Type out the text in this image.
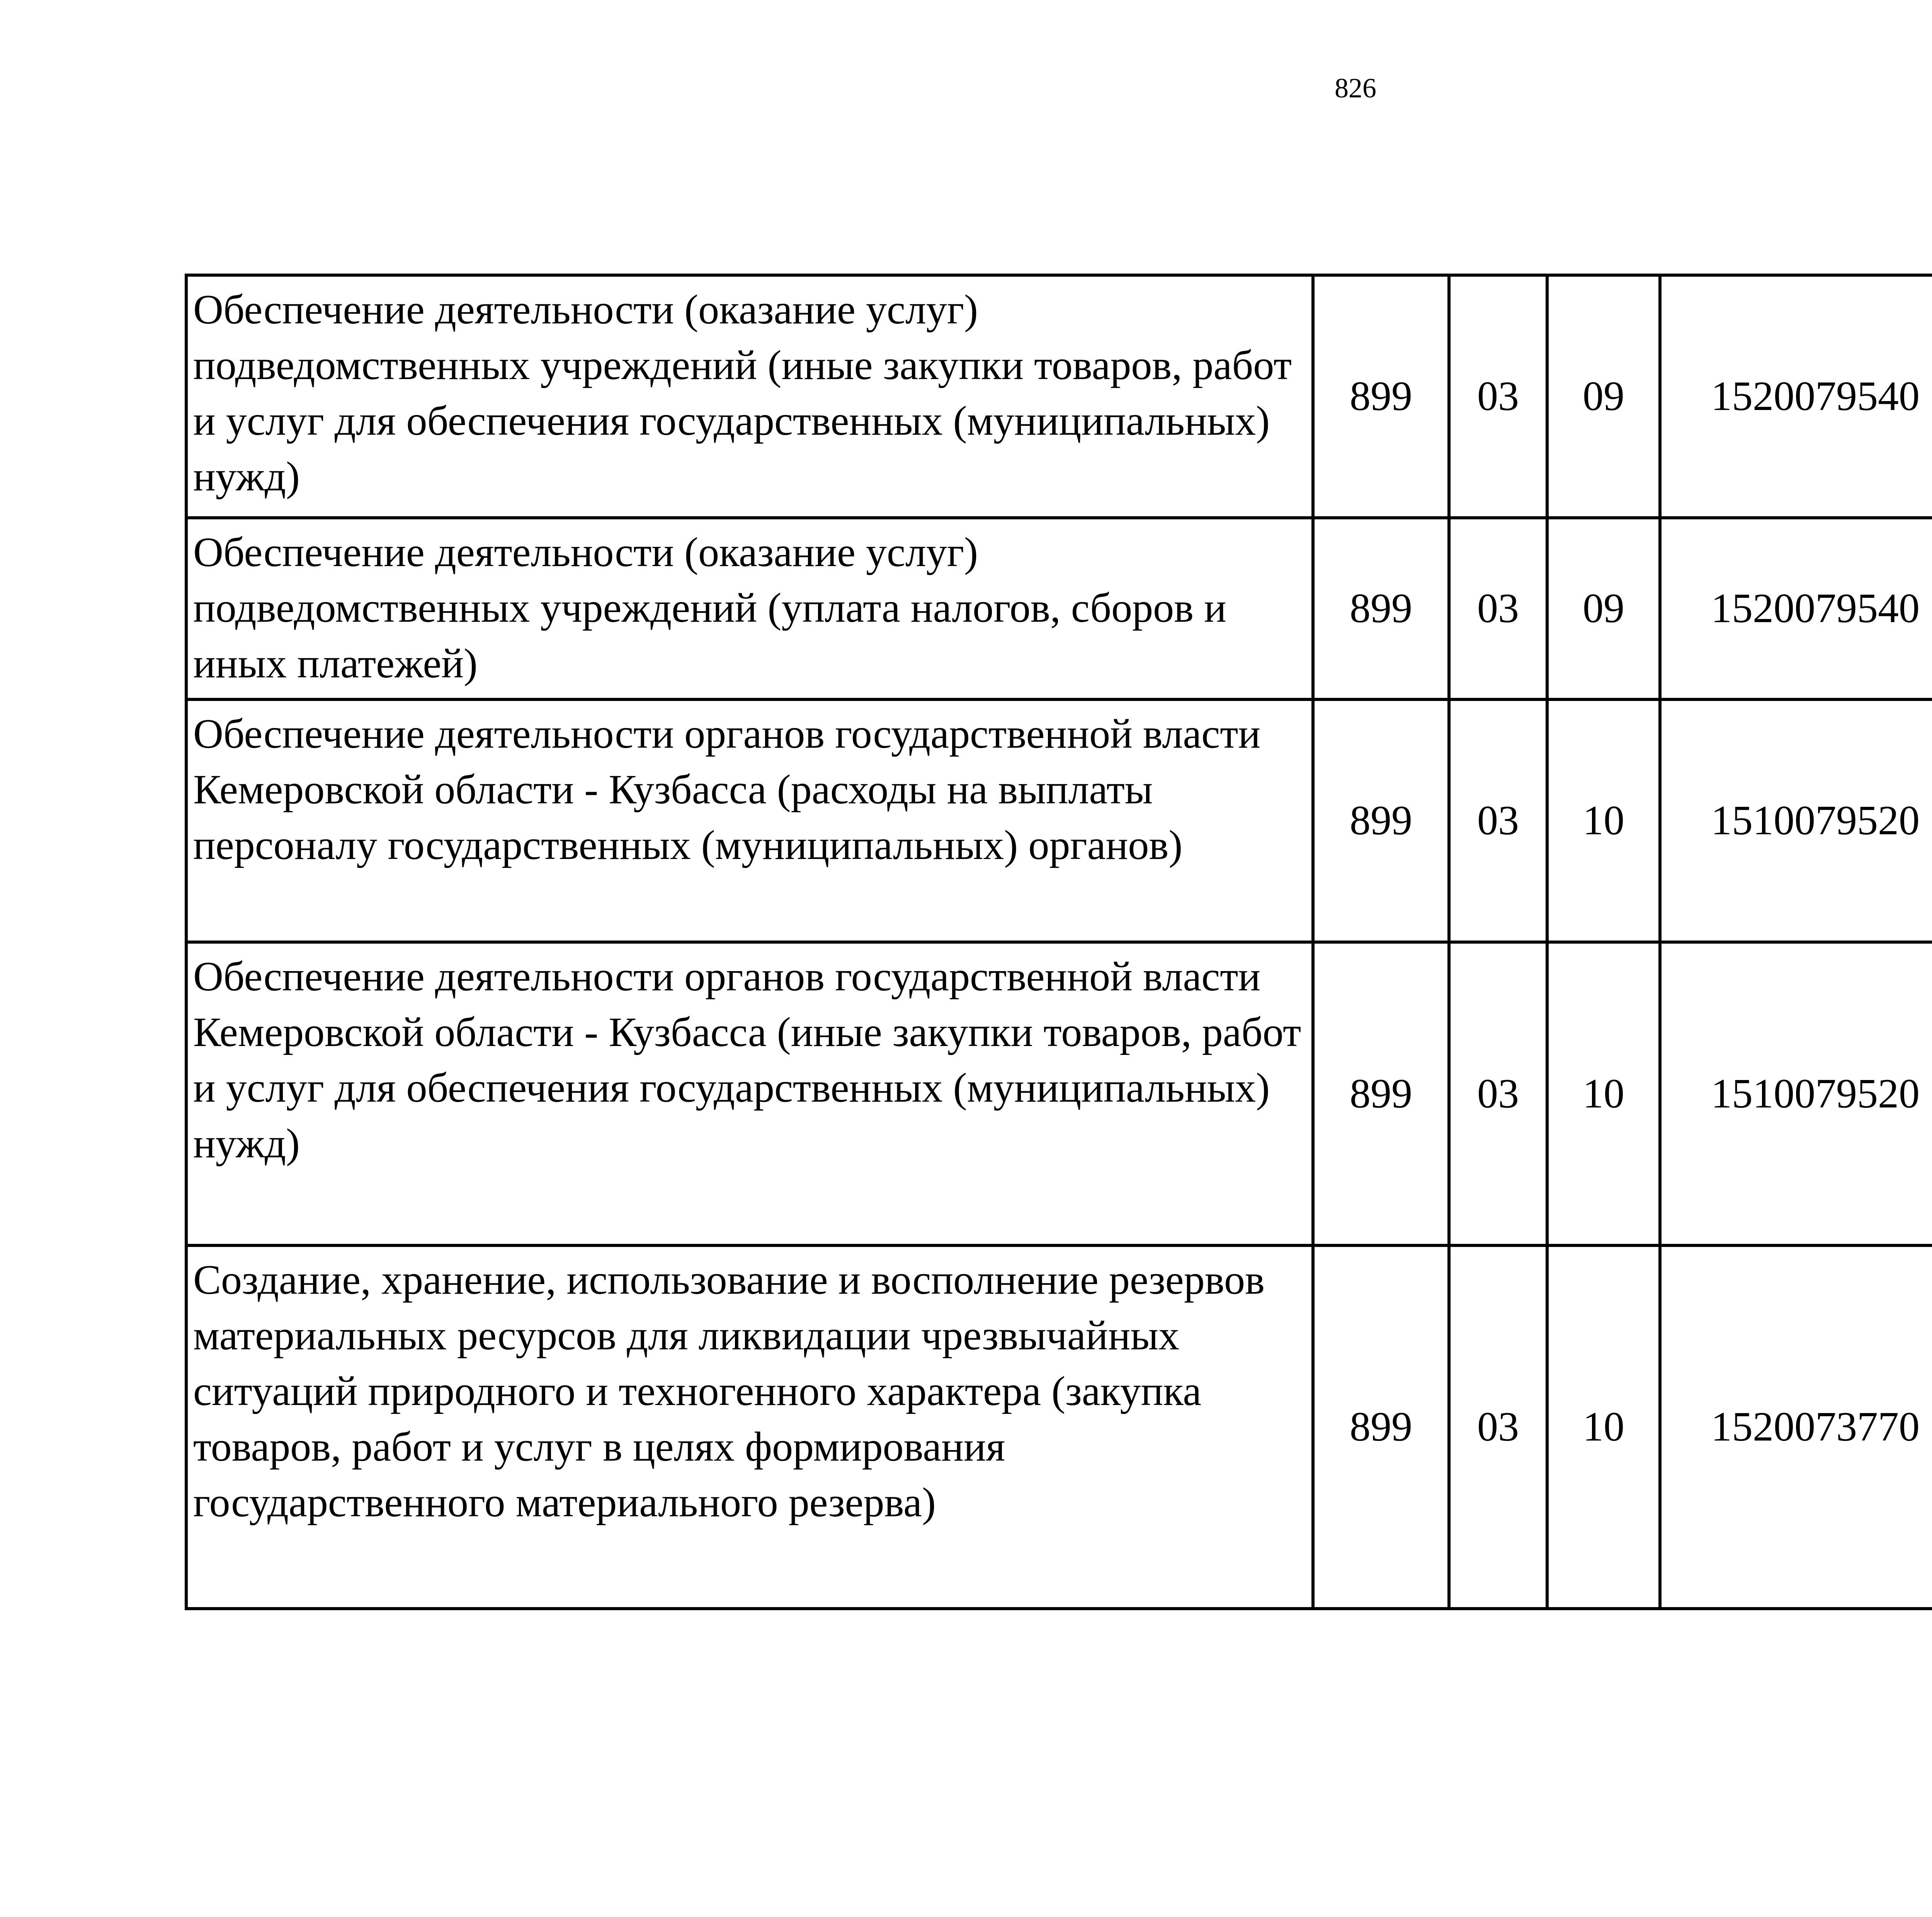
826
Обеспечение деятельности (оказание услуг) подведомственных учреждений (иные закупки товаров, работ и услуг для обеспечения государственных (муниципальных) нужд)	899	03	09	1520079540		
Обеспечение деятельности (оказание услуг) подведомственных учреждений (уплата налогов, сборов и иных платежей)	899	03	09	1520079540		
Обеспечение деятельности органов государственной власти Кемеровской области - Кузбасса (расходы на выплаты персоналу государственных (муниципальных) органов)	899	03	10	1510079520		
Обеспечение деятельности органов государственной власти Кемеровской области - Кузбасса (иные закупки товаров, работ и услуг для обеспечения государственных (муниципальных) нужд)	899	03	10	1510079520		
Создание, хранение, использование и восполнение резервов материальных ресурсов для ликвидации чрезвычайных ситуаций природного и техногенного характера (закупка товаров, работ и услуг в целях формирования государственного материального резерва)	899	03	10	1520073770		
